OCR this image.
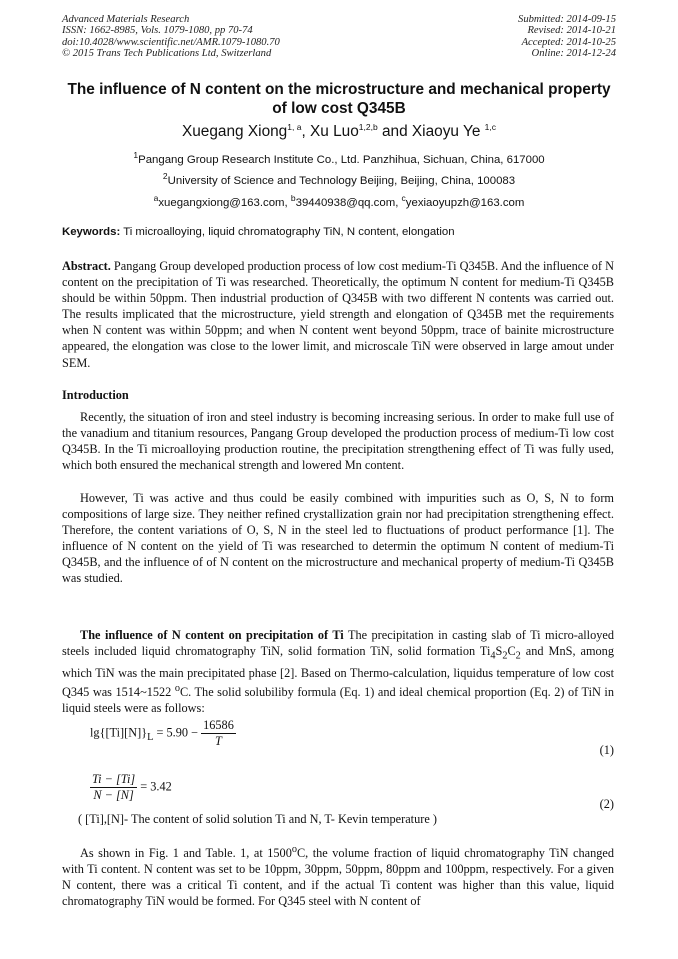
Advanced Materials Research
ISSN: 1662-8985, Vols. 1079-1080, pp 70-74
doi:10.4028/www.scientific.net/AMR.1079-1080.70
© 2015 Trans Tech Publications Ltd, Switzerland
Submitted: 2014-09-15
Revised: 2014-10-21
Accepted: 2014-10-25
Online: 2014-12-24
The influence of N content on the microstructure and mechanical property of low cost Q345B
Xuegang Xiong$^{1, a}$, Xu Luo$^{1,2,b}$ and Xiaoyu Ye $^{1,c}$
$^1$Pangang Group Research Institute Co., Ltd. Panzhihua, Sichuan, China, 617000
$^2$University of Science and Technology Beijing, Beijing, China, 100083
$^a$xuegangxiong@163.com, $^b$39440938@qq.com, $^c$yexiaoyupzh@163.com
Keywords: Ti microalloying, liquid chromatography TiN, N content, elongation
Abstract. Pangang Group developed production process of low cost medium-Ti Q345B. And the influence of N content on the precipitation of Ti was researched. Theoretically, the optimum N content for medium-Ti Q345B should be within 50ppm. Then industrial production of Q345B with two different N contents was carried out. The results implicated that the microstructure, yield strength and elongation of Q345B met the requirements when N content was within 50ppm; and when N content went beyond 50ppm, trace of bainite microstructure appeared, the elongation was close to the lower limit, and microscale TiN were observed in large amout under SEM.
Introduction
Recently, the situation of iron and steel industry is becoming increasing serious. In order to make full use of the vanadium and titanium resources, Pangang Group developed the production process of medium-Ti low cost Q345B. In the Ti microalloying production routine, the precipitation strengthening effect of Ti was fully used, which both ensured the mechanical strength and lowered Mn content.
However, Ti was active and thus could be easily combined with impurities such as O, S, N to form compositions of large size. They neither refined crystallization grain nor had precipitation strengthening effect. Therefore, the content variations of O, S, N in the steel led to fluctuations of product performance [1]. The influence of N content on the yield of Ti was researched to determin the optimum N content of medium-Ti Q345B, and the influence of of N content on the microstructure and mechanical property of medium-Ti Q345B was studied.
The influence of N content on precipitation of Ti The precipitation in casting slab of Ti micro-alloyed steels included liquid chromatography TiN, solid formation TiN, solid formation $Ti_4S_2C_2$ and MnS, among which TiN was the main precipitated phase [2]. Based on Thermo-calculation, liquidus temperature of low cost Q345 was 1514~1522 $^o$C. The solid solubiliby formula (Eq. 1) and ideal chemical proportion (Eq. 2) of TiN in liquid steels were as follows:
$\lg\{[Ti][N]\}_L = 5.90 - \frac{16586}{T}$
(1)
$\frac{Ti - [Ti]}{N - [N]} = 3.42$
(2)
( [Ti],[N]- The content of solid solution Ti and N, T- Kevin temperature )
As shown in Fig. 1 and Table. 1, at 1500$^o$C, the volume fraction of liquid chromatography TiN changed with Ti content. N content was set to be 10ppm, 30ppm, 50ppm, 80ppm and 100ppm, respectively. For a given N content, there was a critical Ti content, and if the actual Ti content was higher than this value, liquid chromatography TiN would be formed. For Q345 steel with N content of
